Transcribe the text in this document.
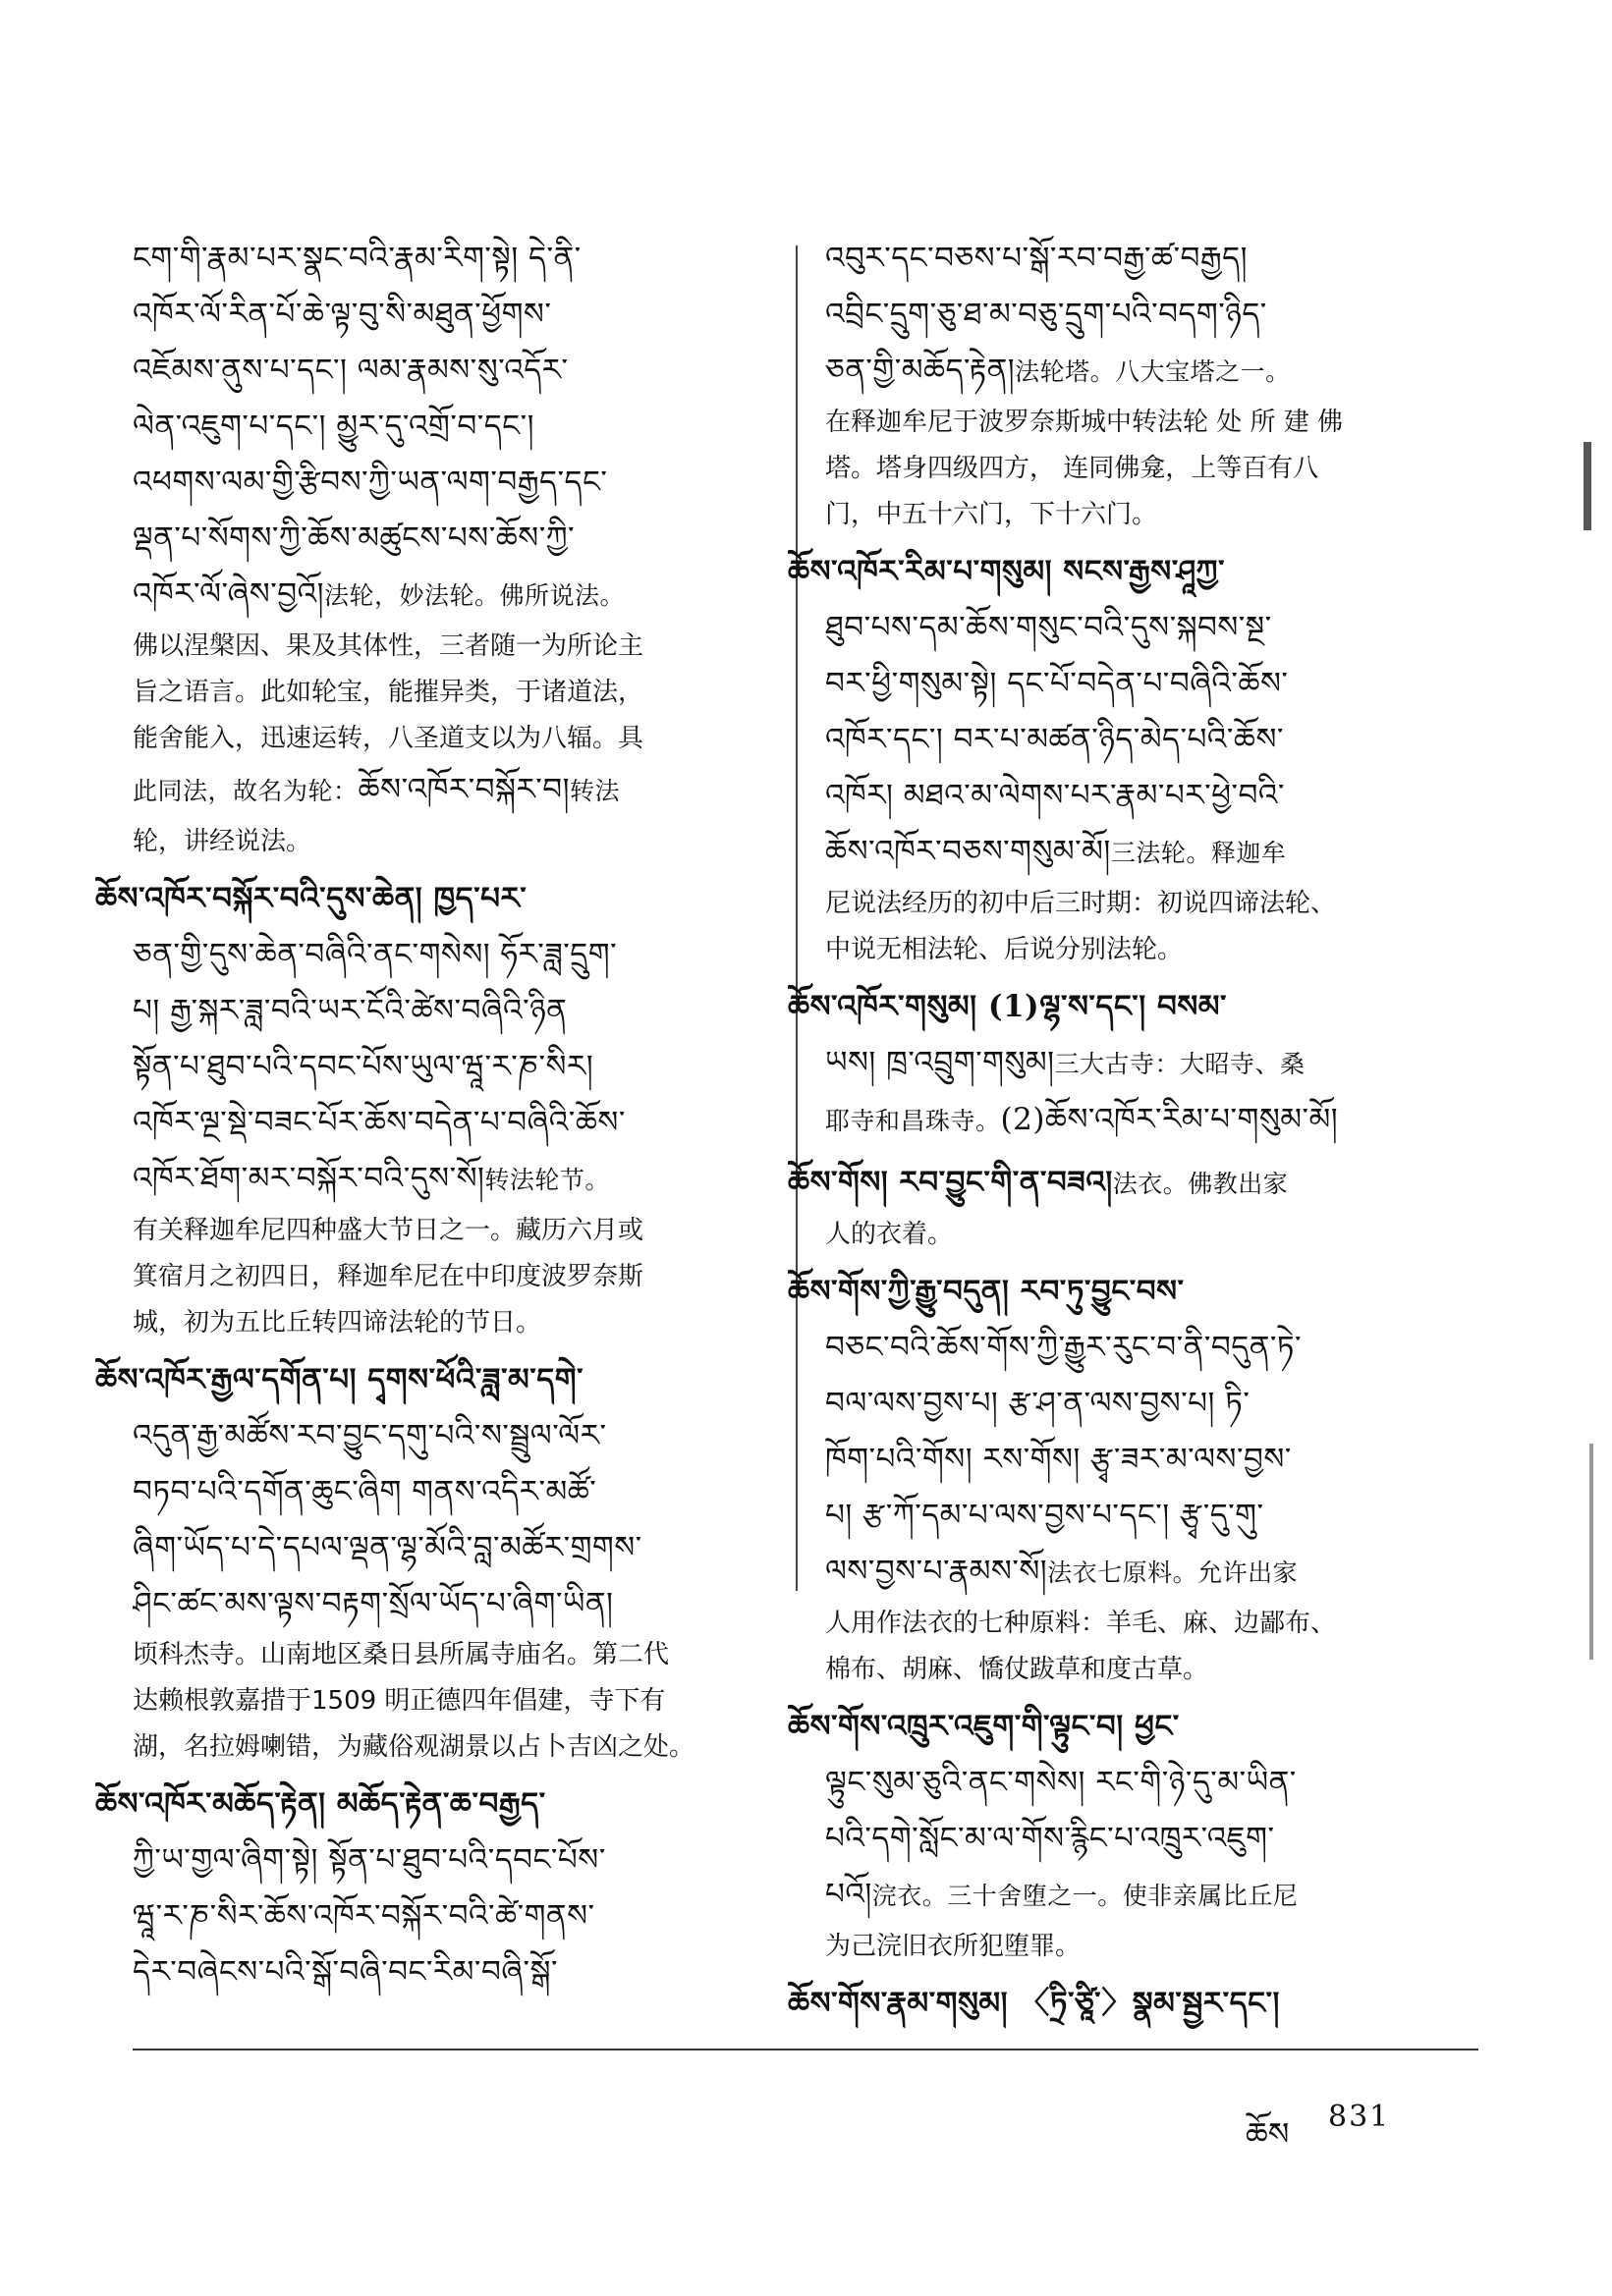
ངག་གི་རྣམ་པར་སྣང་བའི་རྣམ་རིག་སྟེ། དེ་ནི་
འཁོར་ལོ་རིན་པོ་ཆེ་ལྟ་བུ་སི་མཐུན་ཕྱོགས་
འཇོམས་ནུས་པ་དང་། ལམ་རྣམས་སུ་འདོར་
ལེན་འཇུག་པ་དང་། མྱུར་དུ་འགྲོ་བ་དང་།
འཕགས་ལམ་གྱི་རྩིབས་ཀྱི་ཡན་ལག་བརྒྱད་དང་
ལྡན་པ་སོགས་ཀྱི་ཆོས་མཚུངས་པས་ཆོས་ཀྱི་
འཁོར་ལོ་ཞེས་བྱའོ།法轮，妙法轮。佛所说法。
佛以涅槃因、果及其体性，三者随一为所论主
旨之语言。此如轮宝，能摧异类，于诸道法，
能舍能入，迅速运转，八圣道支以为八辐。具
此同法，故名为轮：ཆོས་འཁོར་བསྐོར་བ།转法
轮，讲经说法。
ཆོས་འཁོར་བསྐོར་བའི་དུས་ཆེན། ཁྱད་པར་
ཅན་གྱི་དུས་ཆེན་བཞིའི་ནང་གསེས། ཧོར་ཟླ་དྲུག་
པ། རྒྱ་སྐར་ཟླ་བའི་ཡར་ངོའི་ཚེས་བཞིའི་ཉིན
སྟོན་པ་ཐུབ་པའི་དབང་པོས་ཡུལ་ཝཱ་ར་ཎ་སིར།
འཁོར་ལྔ་སྡེ་བཟང་པོར་ཆོས་བདེན་པ་བཞིའི་ཆོས་
འཁོར་ཐོག་མར་བསྐོར་བའི་དུས་སོ།转法轮节。
有关释迦牟尼四种盛大节日之一。藏历六月或
箕宿月之初四日，释迦牟尼在中印度波罗奈斯
城，初为五比丘转四谛法轮的节日。
ཆོས་འཁོར་རྒྱལ་དགོན་པ། དྭགས་ཕོའི་ཟླ་མ་དགེ་
འདུན་རྒྱ་མཚོས་རབ་བྱུང་དགུ་པའི་ས་སྦྲུལ་ལོར་
བཏབ་པའི་དགོན་ཆུང་ཞིག གནས་འདིར་མཚོ་
ཞིག་ཡོད་པ་དེ་དཔལ་ལྡན་ལྷ་མོའི་བླ་མཚོར་གྲགས་
ཤིང་ཚང་མས་ལྟས་བརྟག་སྲོལ་ཡོད་པ་ཞིག་ཡིན།
顷科杰寺。山南地区桑日县所属寺庙名。第二代
达赖根敦嘉措于1509 明正德四年倡建，寺下有
湖，名拉姆喇错，为藏俗观湖景以占卜吉凶之处。
ཆོས་འཁོར་མཆོད་རྟེན། མཆོད་རྟེན་ཆ་བརྒྱད་
ཀྱི་ཡ་གྱལ་ཞིག་སྟེ། སྟོན་པ་ཐུབ་པའི་དབང་པོས་
ཝཱ་ར་ཎ་སིར་ཆོས་འཁོར་བསྐོར་བའི་ཚེ་གནས་
དེར་བཞེངས་པའི་སྒོ་བཞི་བང་རིམ་བཞི་སྒོ་
འབུར་དང་བཅས་པ་སྒོ་རབ་བརྒྱ་ཚ་བརྒྱད།
འབྲིང་དྲུག་ཅུ་ཐ་མ་བཅུ་དྲུག་པའི་བདག་ཉིད་
ཅན་གྱི་མཆོད་རྟེན།法轮塔。八大宝塔之一。
在释迦牟尼于波罗奈斯城中转法轮 处 所 建 佛
塔。塔身四级四方， 连同佛龛，上等百有八
门，中五十六门，下十六门。
ཆོས་འཁོར་རིམ་པ་གསུམ། སངས་རྒྱས་ཤཱཀྱ་
ཐུབ་པས་དམ་ཆོས་གསུང་བའི་དུས་སྐབས་སྔ་
བར་ཕྱི་གསུམ་སྟེ། དང་པོ་བདེན་པ་བཞིའི་ཆོས་
འཁོར་དང་། བར་པ་མཚན་ཉིད་མེད་པའི་ཆོས་
འཁོར། མཐའ་མ་ལེགས་པར་རྣམ་པར་ཕྱེ་བའི་
ཆོས་འཁོར་བཅས་གསུམ་མོ།三法轮。释迦牟
尼说法经历的初中后三时期：初说四谛法轮、
中说无相法轮、后说分别法轮。
ཆོས་འཁོར་གསུམ། (1)ལྷ་ས་དང་། བསམ་
ཡས། ཁྲ་འབྲུག་གསུམ།三大古寺：大昭寺、桑
耶寺和昌珠寺。(2)ཆོས་འཁོར་རིམ་པ་གསུམ་མོ།
ཆོས་གོས། རབ་བྱུང་གི་ན་བཟའ།法衣。佛教出家
人的衣着。
ཆོས་གོས་ཀྱི་རྒྱུ་བདུན། རབ་ཏུ་བྱུང་བས་
བཅང་བའི་ཆོས་གོས་ཀྱི་རྒྱུར་རུང་བ་ནི་བདུན་ཏེ་
བལ་ལས་བྱས་པ། རྩ་ཤ་ན་ལས་བྱས་པ། ཏི་
ཁོག་པའི་གོས། རས་གོས། རྩྭ་ཟར་མ་ལས་བྱས་
པ། རྩ་ཀོ་དམ་པ་ལས་བྱས་པ་དང་། རྩྭ་དུ་གུ་
ལས་བྱས་པ་རྣམས་སོ།法衣七原料。允许出家
人用作法衣的七种原料：羊毛、麻、边鄙布、
棉布、胡麻、憍仗跋草和度古草。
ཆོས་གོས་འཁྲུར་འཇུག་གི་ལྟུང་བ། ཕྱང་
ལྟུང་སུམ་ཅུའི་ནང་གསེས། རང་གི་ཉེ་དུ་མ་ཡིན་
པའི་དགེ་སློང་མ་ལ་གོས་རྙིང་པ་འཁྲུར་འཇུག་
པའོ།浣衣。三十舍堕之一。使非亲属比丘尼
为己浣旧衣所犯堕罪。
ཆོས་གོས་རྣམ་གསུམ། 〈ཏྲི་ཙཱི་〉སྣམ་སྦྱར་དང་།
ཆོས 831
